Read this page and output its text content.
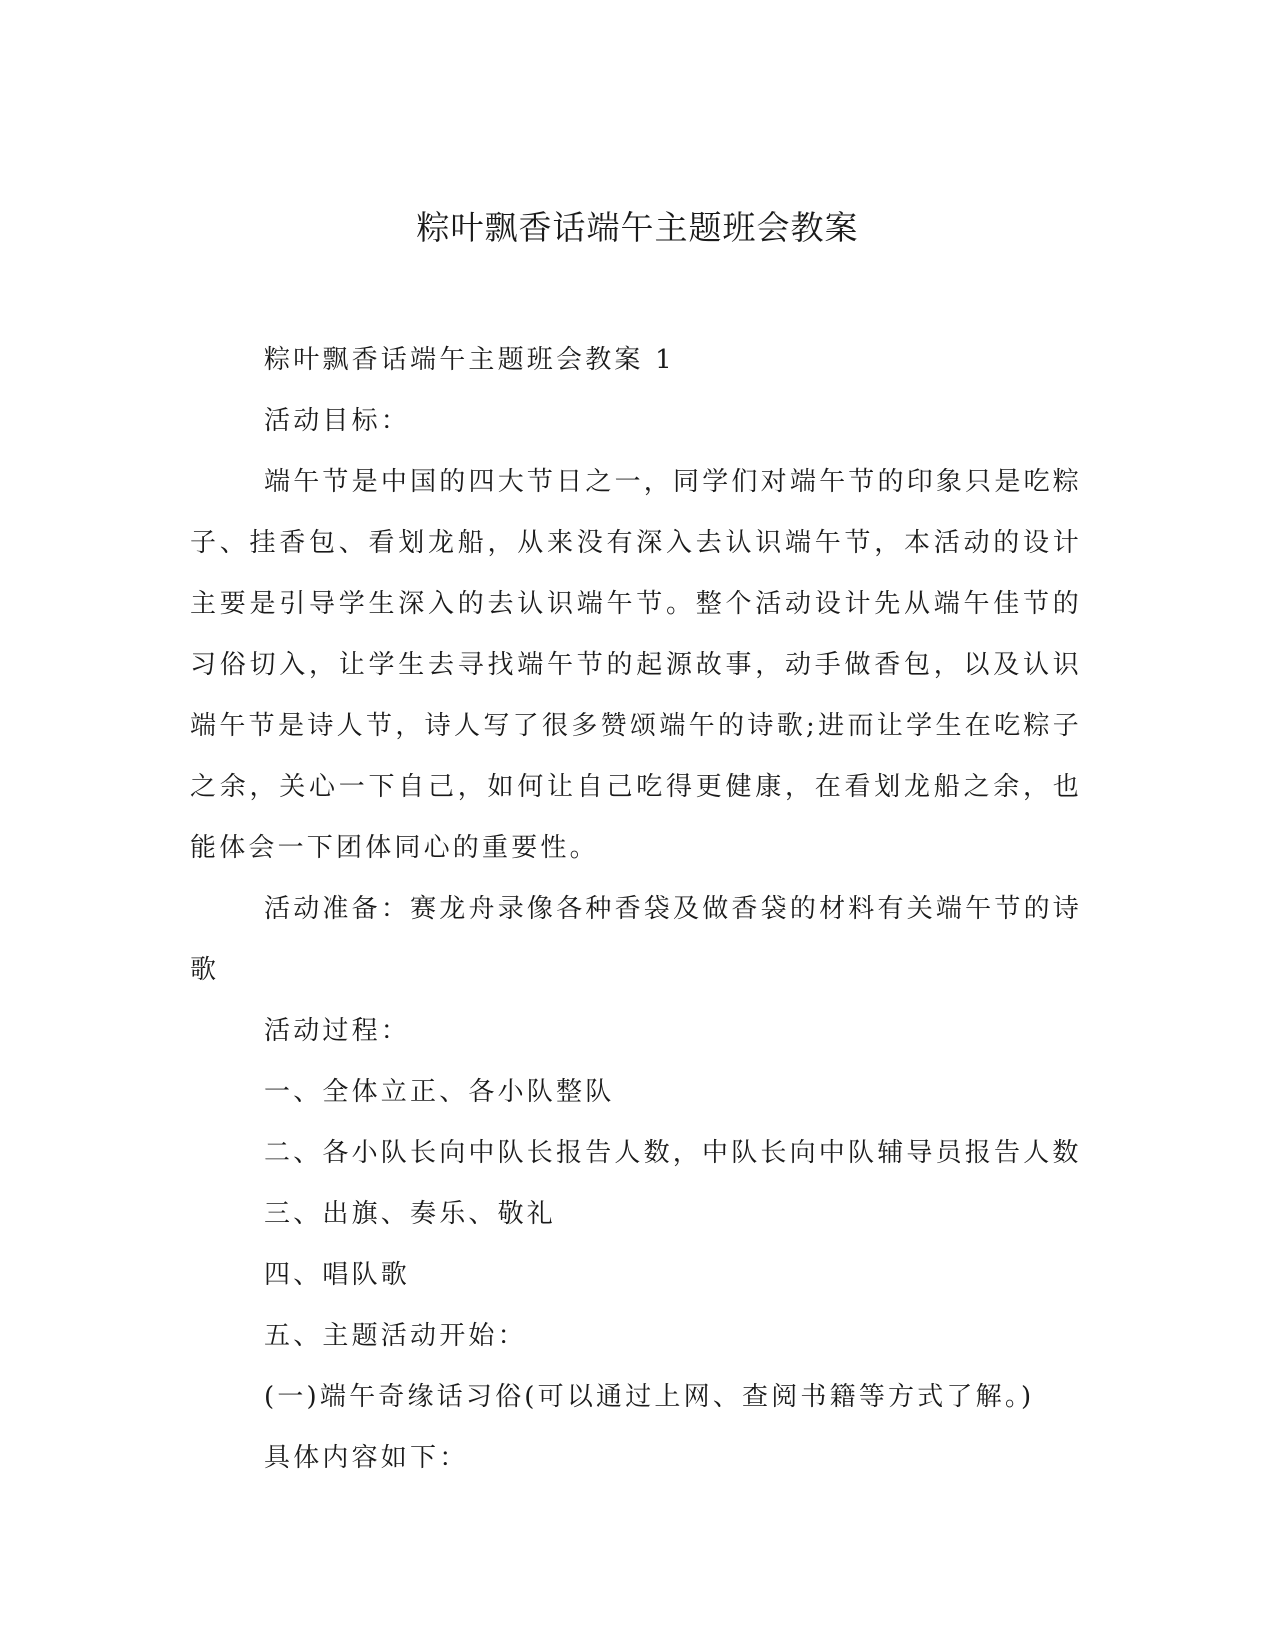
粽叶飘香话端午主题班会教案

粽叶飘香话端午主题班会教案 1

活动目标：

端午节是中国的四大节日之一，同学们对端午节的印象只是吃粽子、挂香包、看划龙船，从来没有深入去认识端午节，本活动的设计主要是引导学生深入的去认识端午节。整个活动设计先从端午佳节的习俗切入，让学生去寻找端午节的起源故事，动手做香包，以及认识端午节是诗人节，诗人写了很多赞颂端午的诗歌;进而让学生在吃粽子之余，关心一下自己，如何让自己吃得更健康，在看划龙船之余，也能体会一下团体同心的重要性。

活动准备：赛龙舟录像各种香袋及做香袋的材料有关端午节的诗歌

活动过程：

一、全体立正、各小队整队

二、各小队长向中队长报告人数，中队长向中队辅导员报告人数

三、出旗、奏乐、敬礼

四、唱队歌

五、主题活动开始：

(一)端午奇缘话习俗(可以通过上网、查阅书籍等方式了解。)

具体内容如下：
